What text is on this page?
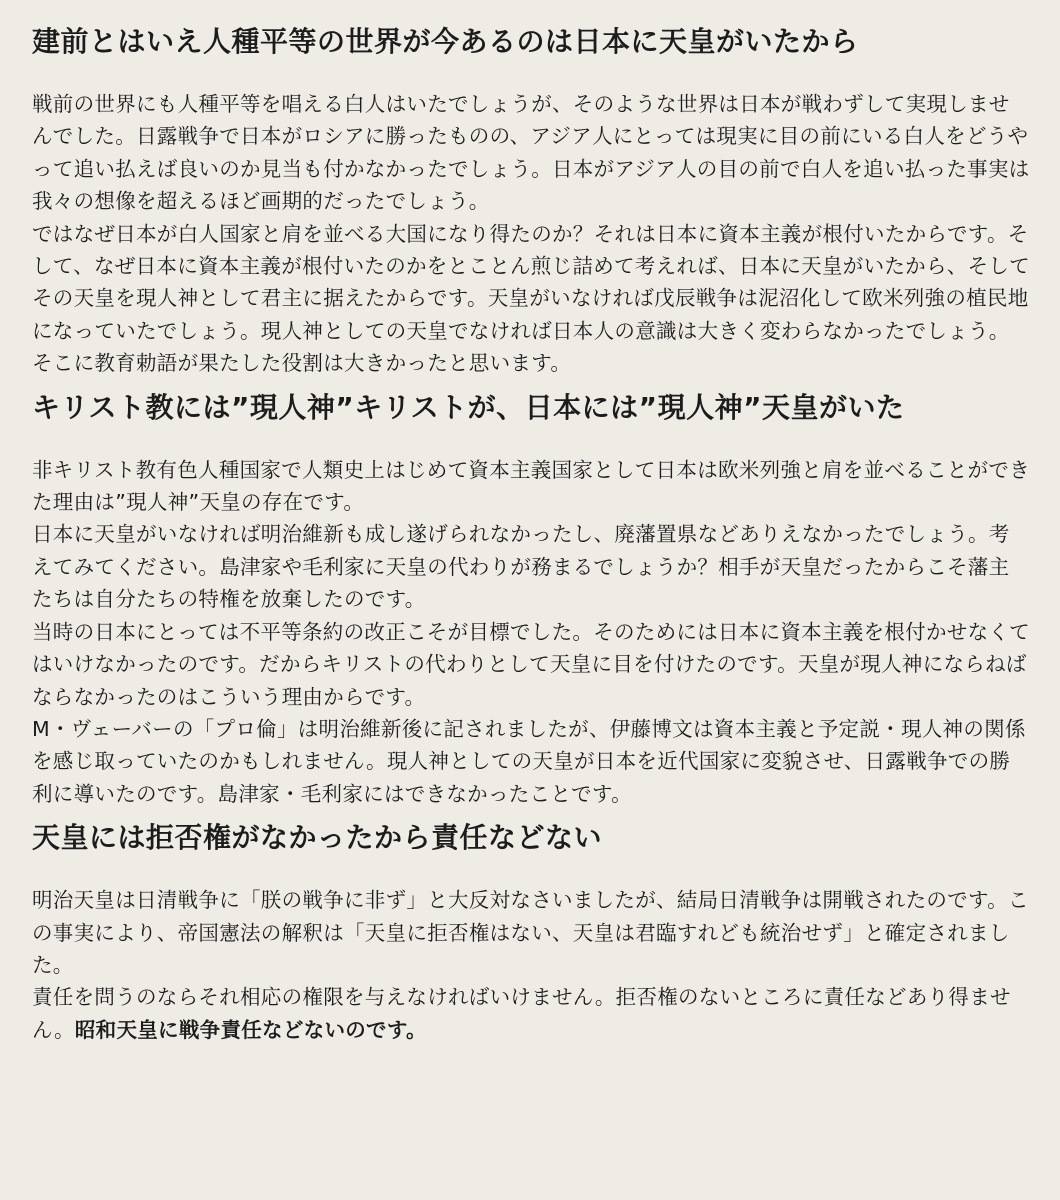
建前とはいえ人種平等の世界が今あるのは日本に天皇がいたから

戦前の世界にも人種平等を唱える白人はいたでしょうが、そのような世界は日本が戦わずして実現しませんでした。日露戦争で日本がロシアに勝ったものの、アジア人にとっては現実に目の前にいる白人をどうやって追い払えば良いのか見当も付かなかったでしょう。日本がアジア人の目の前で白人を追い払った事実は我々の想像を超えるほど画期的だったでしょう。

ではなぜ日本が白人国家と肩を並べる大国になり得たのか？それは日本に資本主義が根付いたからです。そして、なぜ日本に資本主義が根付いたのかをとことん煎じ詰めて考えれば、日本に天皇がいたから、そしてその天皇を現人神として君主に据えたからです。天皇がいなければ戊辰戦争は泥沼化して欧米列強の植民地になっていたでしょう。現人神としての天皇でなければ日本人の意識は大きく変わらなかったでしょう。そこに教育勅語が果たした役割は大きかったと思います。

キリスト教には”現人神”キリストが、日本には”現人神”天皇がいた

非キリスト教有色人種国家で人類史上はじめて資本主義国家として日本は欧米列強と肩を並べることができた理由は”現人神”天皇の存在です。

日本に天皇がいなければ明治維新も成し遂げられなかったし、廃藩置県などありえなかったでしょう。考えてみてください。島津家や毛利家に天皇の代わりが務まるでしょうか？相手が天皇だったからこそ藩主たちは自分たちの特権を放棄したのです。

当時の日本にとっては不平等条約の改正こそが目標でした。そのためには日本に資本主義を根付かせなくてはいけなかったのです。だからキリストの代わりとして天皇に目を付けたのです。天皇が現人神にならねばならなかったのはこういう理由からです。

M・ヴェーバーの「プロ倫」は明治維新後に記されましたが、伊藤博文は資本主義と予定説・現人神の関係を感じ取っていたのかもしれません。現人神としての天皇が日本を近代国家に変貌させ、日露戦争での勝利に導いたのです。島津家・毛利家にはできなかったことです。

天皇には拒否権がなかったから責任などない

明治天皇は日清戦争に「朕の戦争に非ず」と大反対なさいましたが、結局日清戦争は開戦されたのです。この事実により、帝国憲法の解釈は「天皇に拒否権はない、天皇は君臨すれども統治せず」と確定されました。

責任を問うのならそれ相応の権限を与えなければいけません。拒否権のないところに責任などあり得ません。昭和天皇に戦争責任などないのです。
